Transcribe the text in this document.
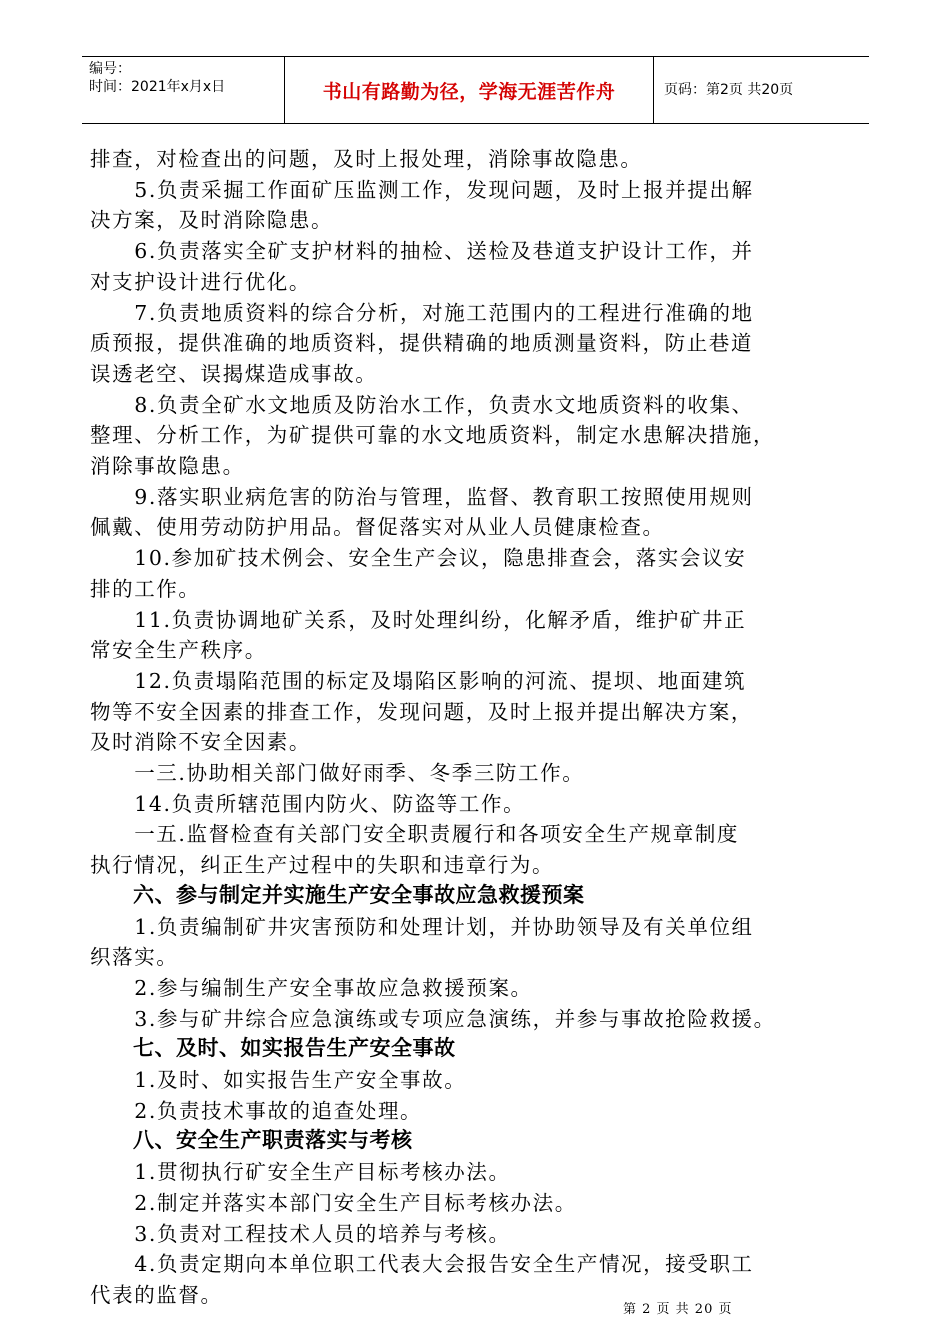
编号：
时间：2021年x月x日	书山有路勤为径，学海无涯苦作舟	页码：第2页 共20页
排查，对检查出的问题，及时上报处理，消除事故隐患。
　　5.负责采掘工作面矿压监测工作，发现问题，及时上报并提出解
决方案，及时消除隐患。
　　6.负责落实全矿支护材料的抽检、送检及巷道支护设计工作，并
对支护设计进行优化。
　　7.负责地质资料的综合分析，对施工范围内的工程进行准确的地
质预报，提供准确的地质资料，提供精确的地质测量资料，防止巷道
误透老空、误揭煤造成事故。
　　8.负责全矿水文地质及防治水工作，负责水文地质资料的收集、
整理、分析工作，为矿提供可靠的水文地质资料，制定水患解决措施，
消除事故隐患。
　　9.落实职业病危害的防治与管理，监督、教育职工按照使用规则
佩戴、使用劳动防护用品。督促落实对从业人员健康检查。
　　10.参加矿技术例会、安全生产会议，隐患排查会，落实会议安
排的工作。
　　11.负责协调地矿关系，及时处理纠纷，化解矛盾，维护矿井正
常安全生产秩序。
　　12.负责塌陷范围的标定及塌陷区影响的河流、提坝、地面建筑
物等不安全因素的排查工作，发现问题，及时上报并提出解决方案，
及时消除不安全因素。
　　一三.协助相关部门做好雨季、冬季三防工作。
　　14.负责所辖范围内防火、防盗等工作。
　　一五.监督检查有关部门安全职责履行和各项安全生产规章制度
执行情况，纠正生产过程中的失职和违章行为。
　　六、参与制定并实施生产安全事故应急救援预案
　　1.负责编制矿井灾害预防和处理计划，并协助领导及有关单位组
织落实。
　　2.参与编制生产安全事故应急救援预案。
　　3.参与矿井综合应急演练或专项应急演练，并参与事故抢险救援。
　　七、及时、如实报告生产安全事故
　　1.及时、如实报告生产安全事故。
　　2.负责技术事故的追查处理。
　　八、安全生产职责落实与考核
　　1.贯彻执行矿安全生产目标考核办法。
　　2.制定并落实本部门安全生产目标考核办法。
　　3.负责对工程技术人员的培养与考核。
　　4.负责定期向本单位职工代表大会报告安全生产情况，接受职工
代表的监督。
第 2 页 共 20 页
